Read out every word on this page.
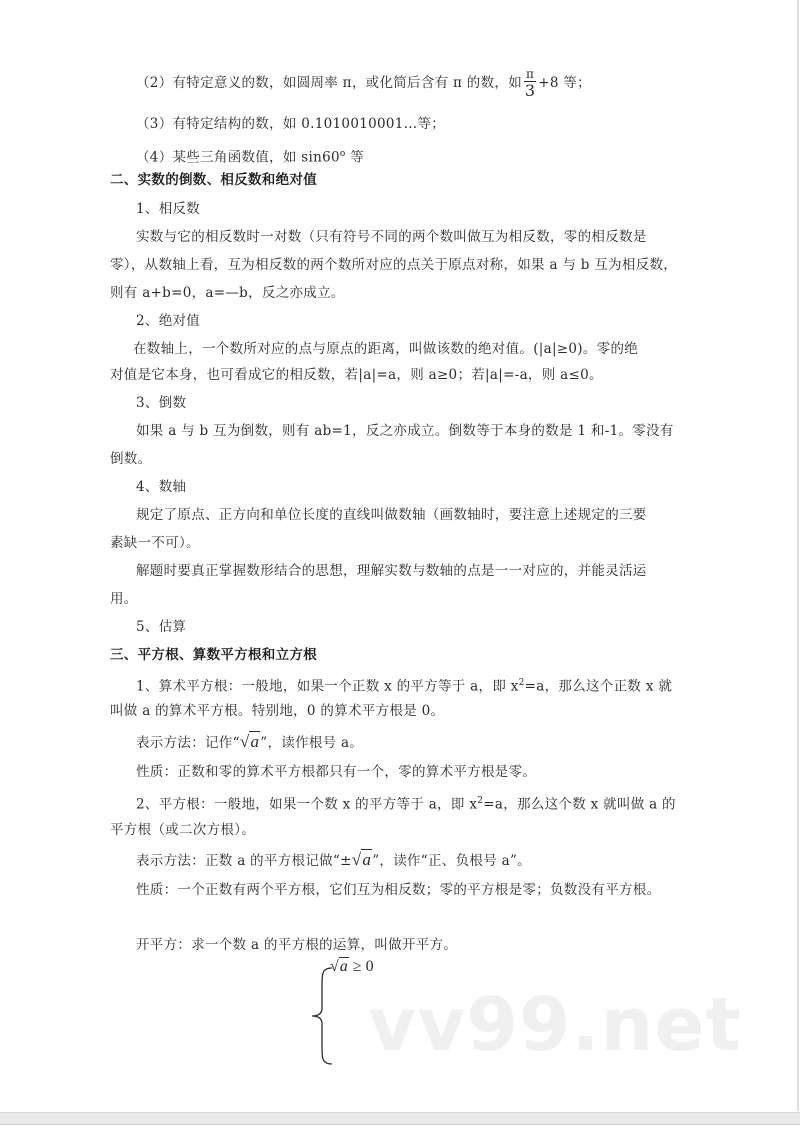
（2）有特定意义的数，如圆周率 π，或化简后含有 π 的数，如 $\frac{\pi}{3} +8$ 等；
（3）有特定结构的数，如 0.1010010001…等；
（4）某些三角函数值，如 sin60$^o$ 等
二、实数的倒数、相反数和绝对值
1、相反数
实数与它的相反数时一对数（只有符号不同的两个数叫做互为相反数，零的相反数是
零），从数轴上看，互为相反数的两个数所对应的点关于原点对称，如果 a 与 b 互为相反数，
则有 a+b=0，a=—b，反之亦成立。
2、绝对值
在数轴上，一个数所对应的点与原点的距离，叫做该数的绝对值。(|a|≥0)。零的绝
对值是它本身，也可看成它的相反数，若|a|=a，则 a≥0；若|a|=-a，则 a≤0。
3、倒数
如果 a 与 b 互为倒数，则有 ab=1，反之亦成立。倒数等于本身的数是 1 和-1。零没有
倒数。
4、数轴
规定了原点、正方向和单位长度的直线叫做数轴（画数轴时，要注意上述规定的三要
素缺一不可）。
解题时要真正掌握数形结合的思想，理解实数与数轴的点是一一对应的，并能灵活运
用。
5、估算
三、平方根、算数平方根和立方根
1、算术平方根：一般地，如果一个正数 x 的平方等于 a，即 $x^2=a$，那么这个正数 x 就
叫做 a 的算术平方根。特别地，0 的算术平方根是 0。
表示方法：记作“√a”，读作根号 a。
性质：正数和零的算术平方根都只有一个，零的算术平方根是零。
2、平方根：一般地，如果一个数 x 的平方等于 a，即 $x^2=a$，那么这个数 x 就叫做 a 的
平方根（或二次方根）。
表示方法：正数 a 的平方根记做“±√a”，读作“正、负根号 a”。
性质：一个正数有两个平方根，它们互为相反数；零的平方根是零；负数没有平方根。
开平方：求一个数 a 的平方根的运算，叫做开平方。
√a ≥ 0
vv99.net
